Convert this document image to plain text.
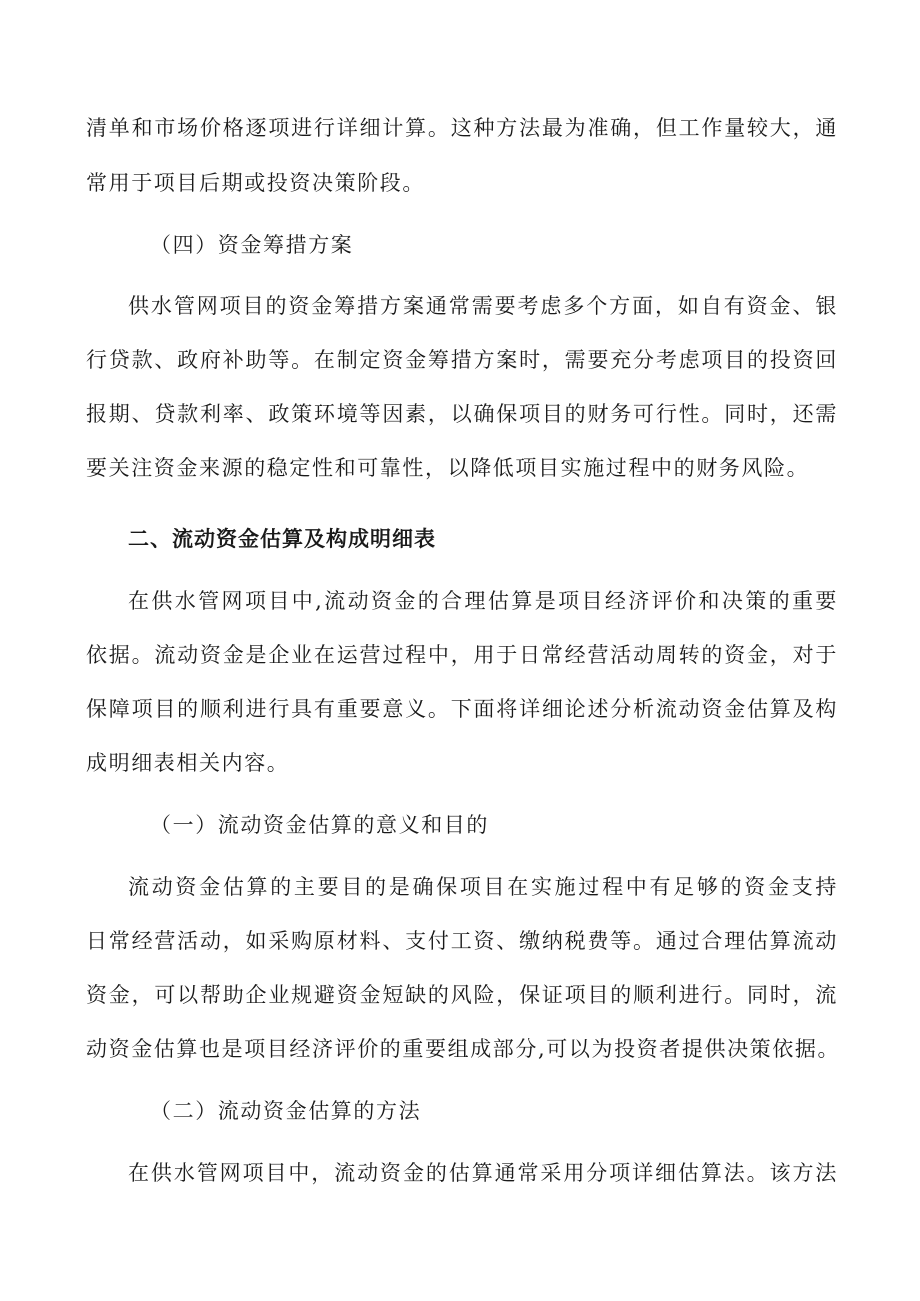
清单和市场价格逐项进行详细计算。这种方法最为准确，但工作量较大，通
常用于项目后期或投资决策阶段。
（四）资金筹措方案
供水管网项目的资金筹措方案通常需要考虑多个方面，如自有资金、银
行贷款、政府补助等。在制定资金筹措方案时，需要充分考虑项目的投资回
报期、贷款利率、政策环境等因素，以确保项目的财务可行性。同时，还需
要关注资金来源的稳定性和可靠性，以降低项目实施过程中的财务风险。
二、流动资金估算及构成明细表
在供水管网项目中,流动资金的合理估算是项目经济评价和决策的重要
依据。流动资金是企业在运营过程中，用于日常经营活动周转的资金，对于
保障项目的顺利进行具有重要意义。下面将详细论述分析流动资金估算及构
成明细表相关内容。
（一）流动资金估算的意义和目的
流动资金估算的主要目的是确保项目在实施过程中有足够的资金支持
日常经营活动，如采购原材料、支付工资、缴纳税费等。通过合理估算流动
资金，可以帮助企业规避资金短缺的风险，保证项目的顺利进行。同时，流
动资金估算也是项目经济评价的重要组成部分,可以为投资者提供决策依据。
（二）流动资金估算的方法
在供水管网项目中，流动资金的估算通常采用分项详细估算法。该方法
